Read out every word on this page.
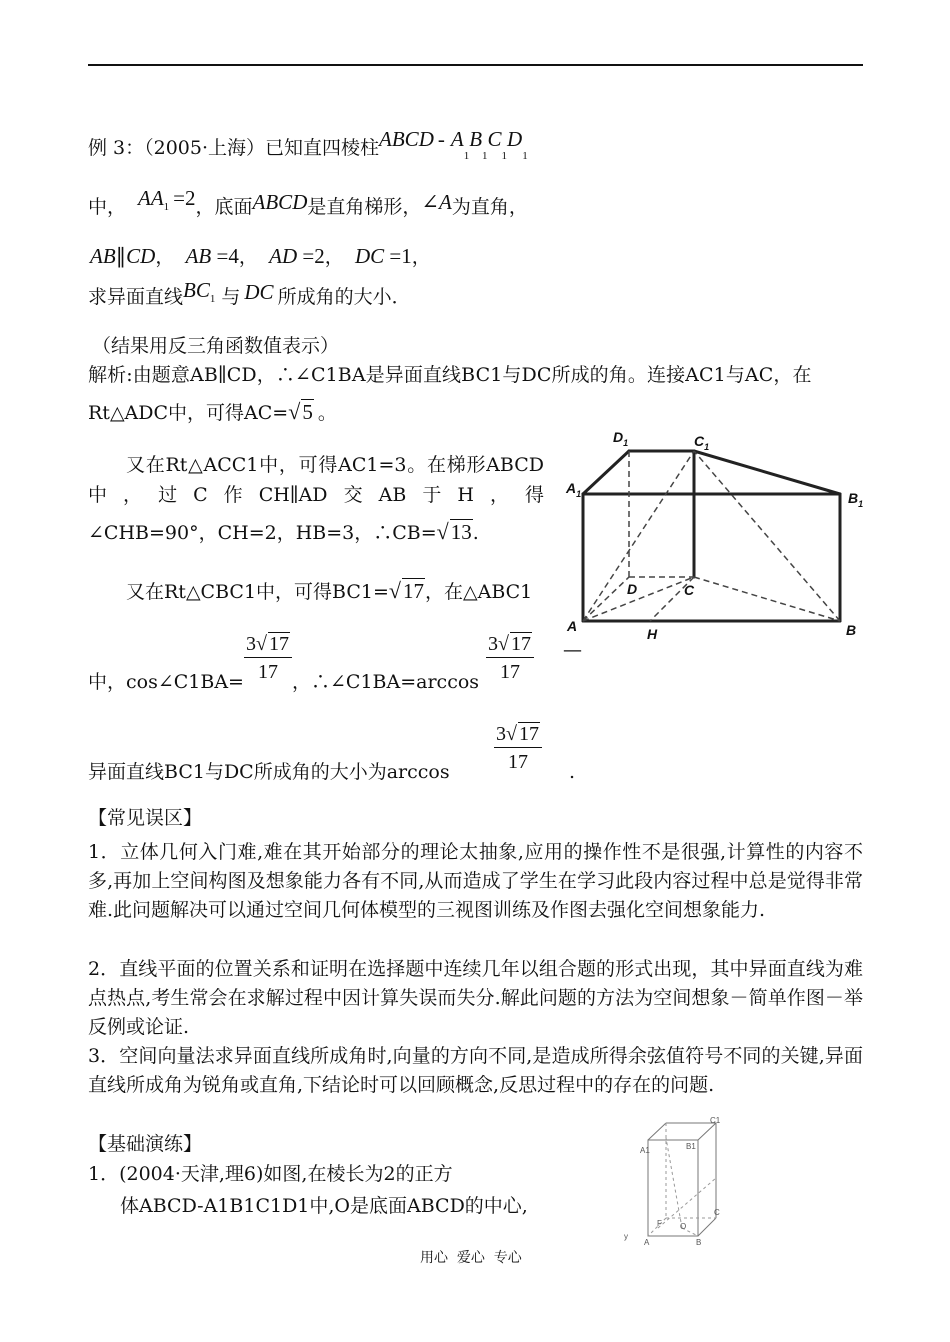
例 3：（2005·上海）已知直四棱柱ABCD - $A_1B_1C_1D_1$
中， $AA_1 =2$，底面ABCD是直角梯形，∠A为直角，
AB∥CD， AB =4， AD =2， DC =1，
求异面直线$BC_1$ 与 DC 所成角的大小．
（结果用反三角函数值表示）
解析:由题意AB∥CD，∴∠C1BA是异面直线BC1与DC所成的角。连接AC1与AC，在
Rt△ADC中，可得AC=√5 。
又在Rt△ACC1中，可得AC1=3。在梯形ABCD
中，过C作CH∥AD交AB于H，得
∠CHB=90°，CH=2，HB=3，∴CB=√13.
又在Rt△CBC1中，可得BC1=√17，在△ABC1
中，cos∠C1BA= $\frac{3√ 17}{17}$ ，∴∠C1BA=arccos $\frac{3√ 17}{17}$ —
异面直线BC1与DC所成角的大小为$\arccos \frac{3√ 17}{17}$ .
$D_1$	$C_1$
$A_1$	$B_1$
D	C
A	H	B
【常见误区】
1．立体几何入门难,难在其开始部分的理论太抽象,应用的操作性不是很强,计算性的内容不多,再加上空间构图及想象能力各有不同,从而造成了学生在学习此段内容过程中总是觉得非常难.此问题解决可以通过空间几何体模型的三视图训练及作图去强化空间想象能力.
2．直线平面的位置关系和证明在选择题中连续几年以组合题的形式出现，其中异面直线为难点热点,考生常会在求解过程中因计算失误而失分.解此问题的方法为空间想象－简单作图－举反例或论证.
3．空间向量法求异面直线所成角时,向量的方向不同,是造成所得余弦值符号不同的关键,异面直线所成角为锐角或直角,下结论时可以回顾概念,反思过程中的存在的问题.
【基础演练】
1．(2004·天津,理6)如图,在棱长为2的正方
体ABCD-A1B1C1D1中,O是底面ABCD的中心,
C1
A1	B1
F O
C
y
A	B
用心  爱心  专心
